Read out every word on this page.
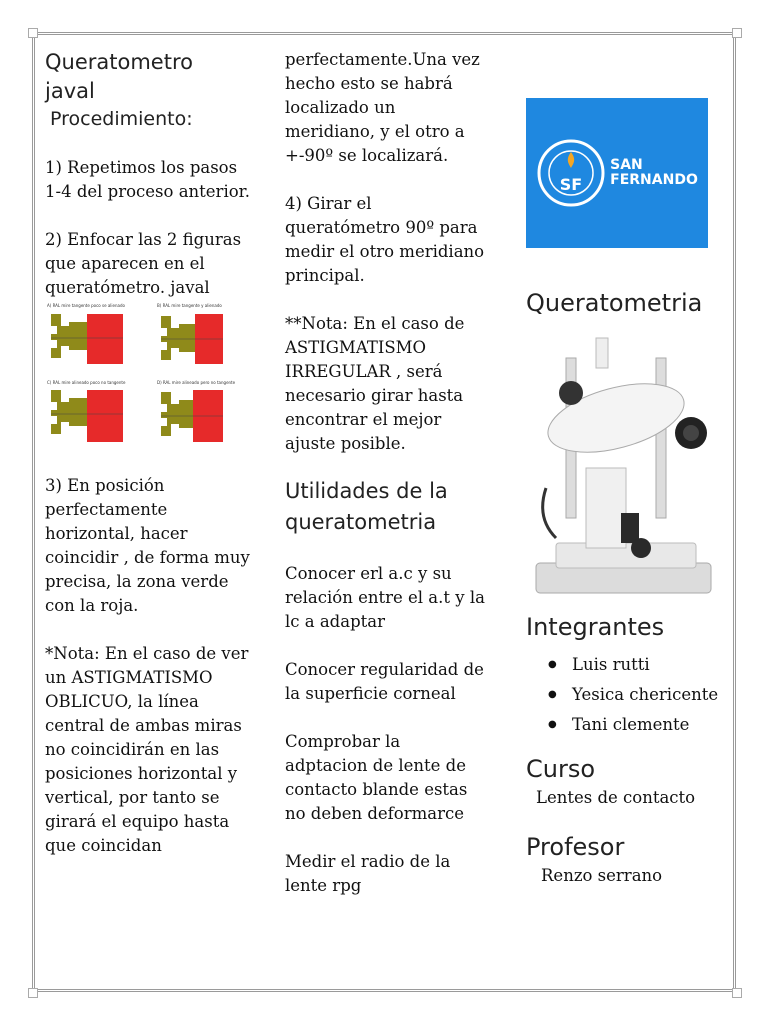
Queratometro
javal
Procedimiento:

1) Repetimos los pasos 1-4 del proceso anterior.

2) Enfocar las 2 figuras que aparecen en el queratómetro. javal

A) RAL mire tangente poco se alienado	B) RAL mire tangente y alienado
C) RAL mire alineado poco no tangente	D) RAL mire alineado pero no tangente

3) En posición perfectamente horizontal, hacer coincidir , de forma muy precisa, la zona verde con la roja.

*Nota: En el caso de ver un ASTIGMATISMO OBLICUO, la línea central de ambas miras no coincidirán en las posiciones horizontal y vertical, por tanto se girará el equipo hasta que coincidan

perfectamente.Una vez hecho esto se habrá localizado un meridiano, y el otro a +-90º se localizará.

4) Girar el queratómetro 90º para medir el otro meridiano principal.

**Nota: En el caso de ASTIGMATISMO IRREGULAR , será necesario girar hasta encontrar el mejor ajuste posible.

Utilidades de la queratometria

Conocer erl a.c y su relación entre el a.t y la lc a adaptar

Conocer regularidad de la superficie corneal

Comprobar la adptacion de lente de contacto blande estas no deben deformarce

Medir el radio de la lente rpg

SF
SAN
FERNANDO
Queratometria
Integrantes
● Luis rutti
● Yesica chericente
● Tani clemente
Curso
Lentes de contacto
Profesor
Renzo serrano
